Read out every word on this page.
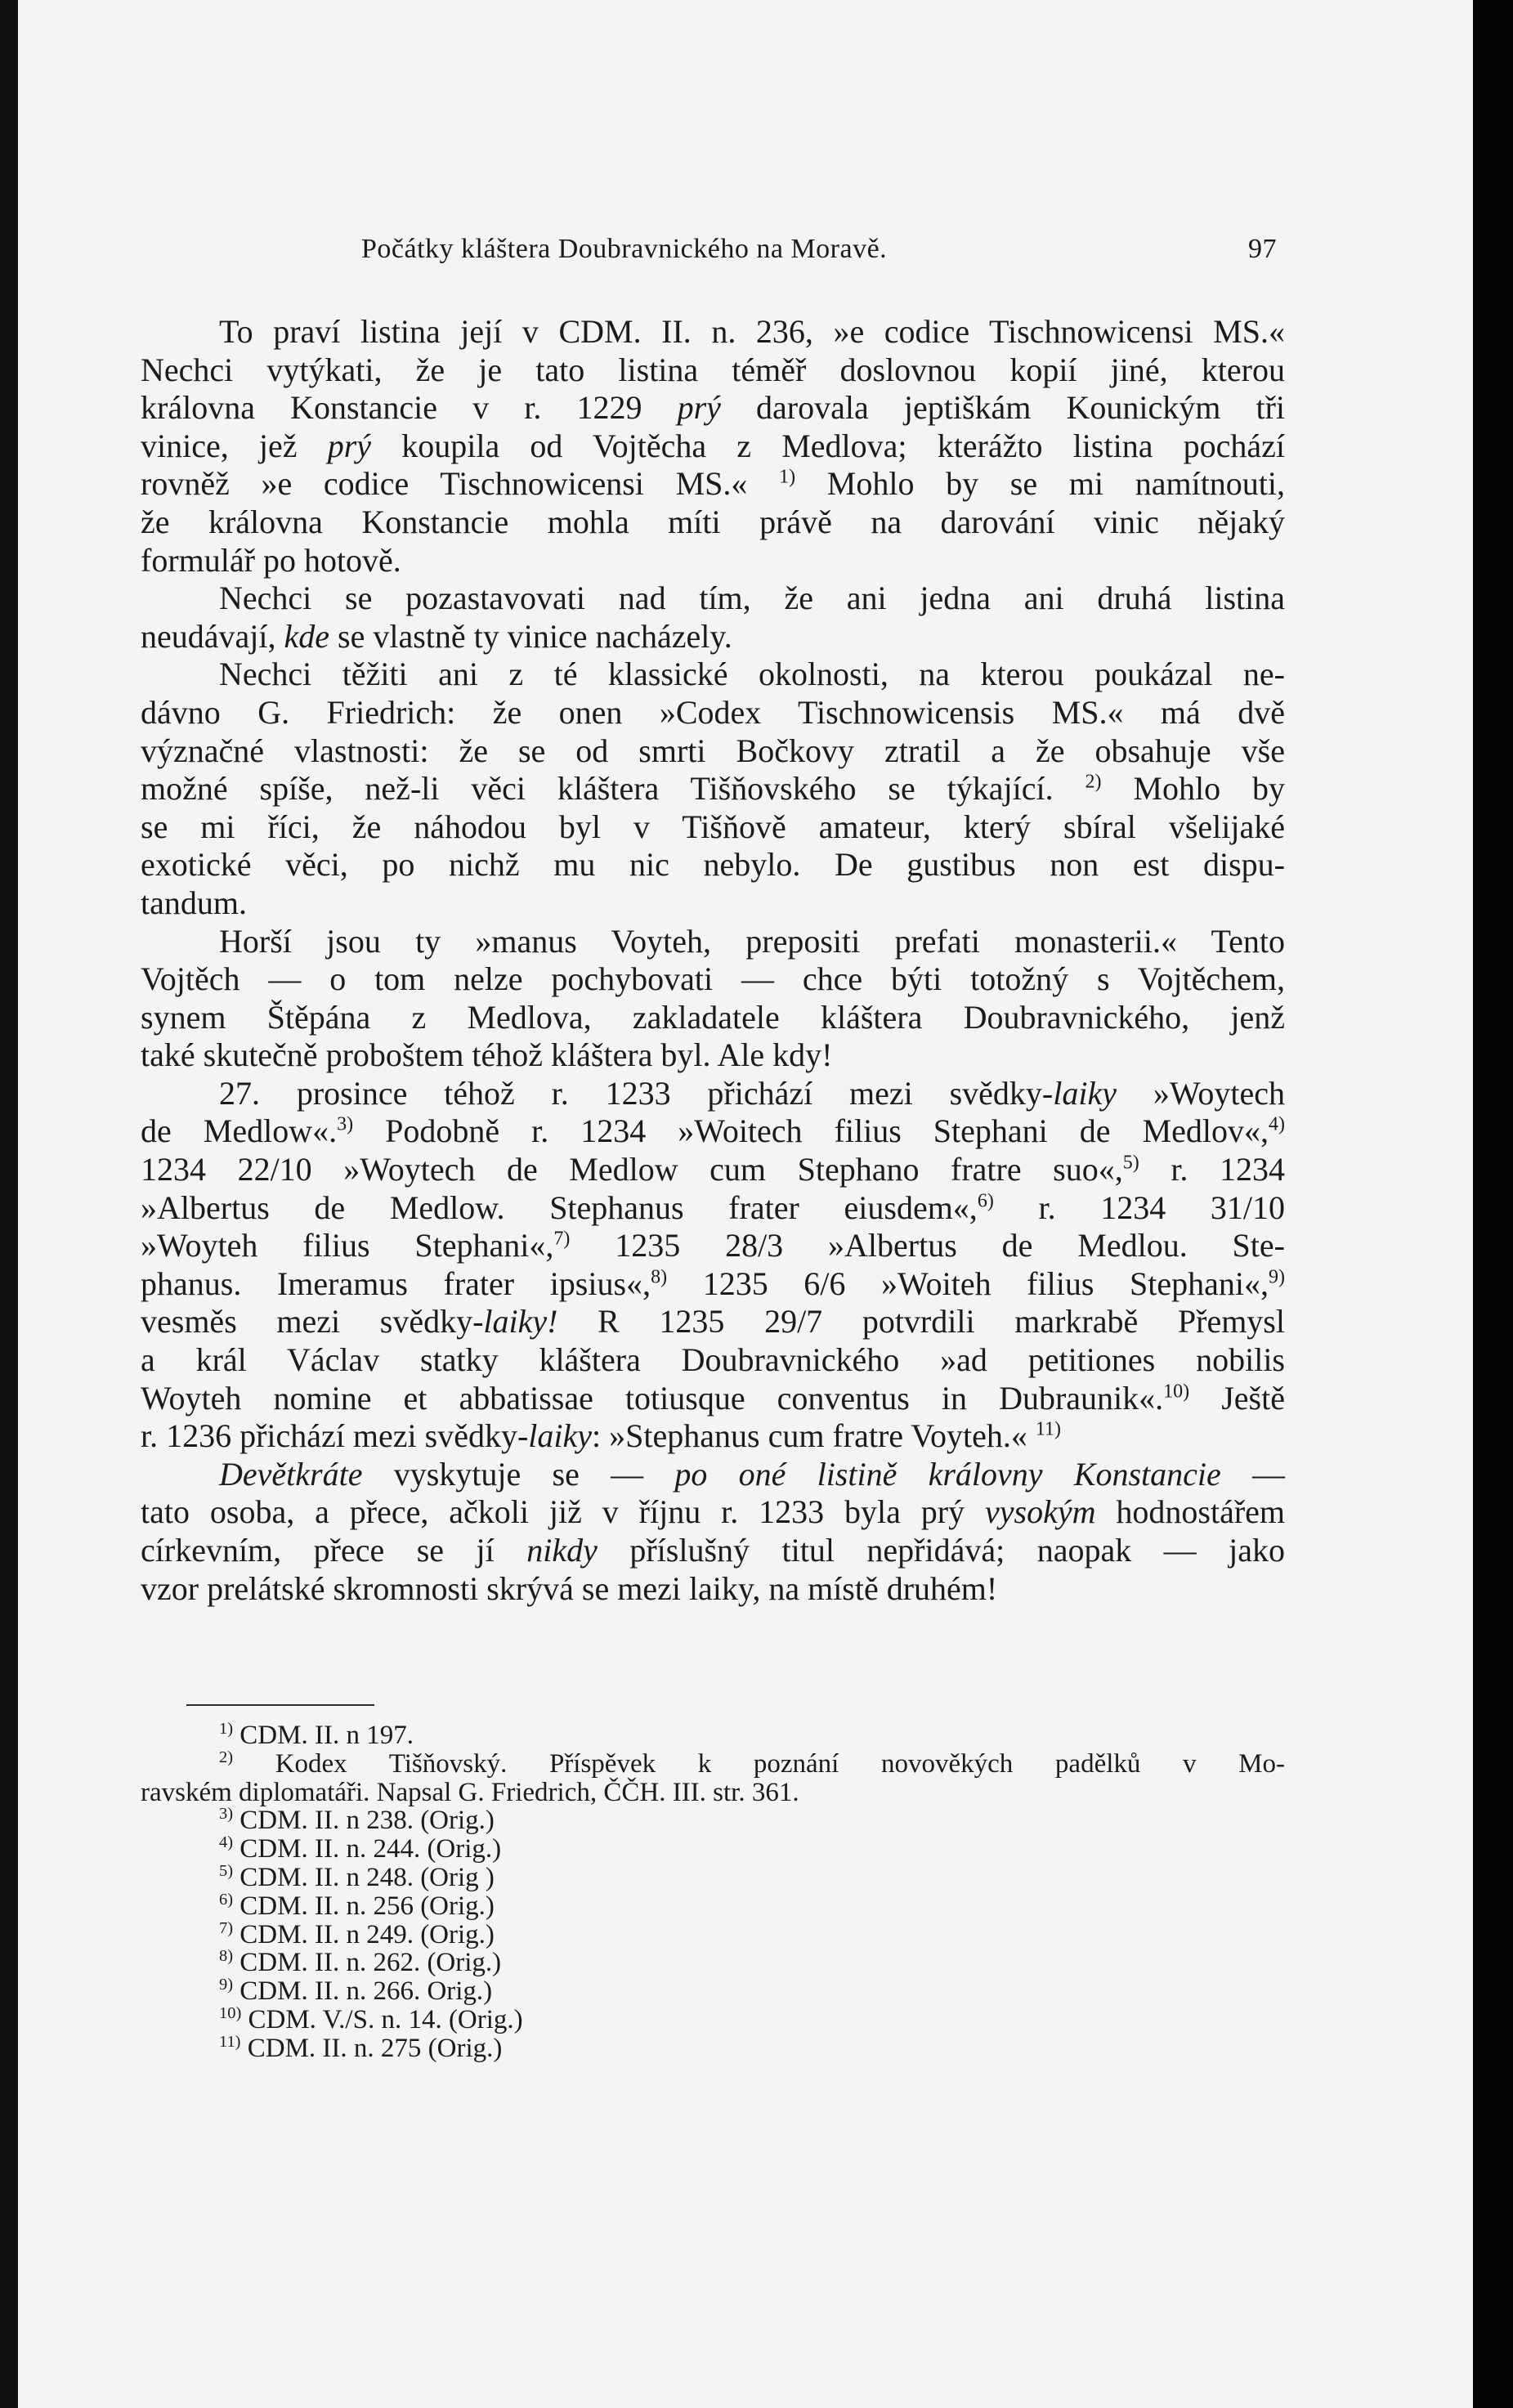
Počátky kláštera Doubravnického na Moravě.	97
To praví listina její v CDM. II. n. 236, »e codice Tischnowicensi MS.«
Nechci vytýkati, že je tato listina téměř doslovnou kopií jiné, kterou
královna Konstancie v r. 1229 prý darovala jeptiškám Kounickým tři
vinice, jež prý koupila od Vojtěcha z Medlova; kterážto listina pochází
rovněž »e codice Tischnowicensi MS.« $^{1)}$ Mohlo by se mi namítnouti,
že královna Konstancie mohla míti právě na darování vinic nějaký
formulář po hotově.
Nechci se pozastavovati nad tím, že ani jedna ani druhá listina
neudávají, kde se vlastně ty vinice nacházely.
Nechci těžiti ani z té klassické okolnosti, na kterou poukázal ne-
dávno G. Friedrich: že onen »Codex Tischnowicensis MS.« má dvě
význačné vlastnosti: že se od smrti Bočkovy ztratil a že obsahuje vše
možné spíše, než-li věci kláštera Tišňovského se týkající. $^{2)}$ Mohlo by
se mi říci, že náhodou byl v Tišňově amateur, který sbíral všelijaké
exotické věci, po nichž mu nic nebylo. De gustibus non est dispu-
tandum.
Horší jsou ty »manus Voyteh, prepositi prefati monasterii.« Tento
Vojtěch — o tom nelze pochybovati — chce býti totožný s Vojtěchem,
synem Štěpána z Medlova, zakladatele kláštera Doubravnického, jenž
také skutečně proboštem téhož kláštera byl. Ale kdy!
27. prosince téhož r. 1233 přichází mezi svědky-laiky »Woytech
de Medlow«.$^{3)}$ Podobně r. 1234 »Woitech filius Stephani de Medlov«,$^{4)}$
1234 22/10 »Woytech de Medlow cum Stephano fratre suo«,$^{5)}$ r. 1234
»Albertus de Medlow. Stephanus frater eiusdem«,$^{6)}$ r. 1234 31/10
»Woyteh filius Stephani«,$^{7)}$ 1235 28/3 »Albertus de Medlou. Ste-
phanus. Imeramus frater ipsius«,$^{8)}$ 1235 6/6 »Woiteh filius Stephani«,$^{9)}$
vesměs mezi svědky-laiky! R 1235 29/7 potvrdili markrabě Přemysl
a král Václav statky kláštera Doubravnického »ad petitiones nobilis
Woyteh nomine et abbatissae totiusque conventus in Dubraunik«.$^{10)}$ Ještě
r. 1236 přichází mezi svědky-laiky: »Stephanus cum fratre Voyteh.« $^{11)}$
Devětkráte vyskytuje se — po oné listině královny Konstancie —
tato osoba, a přece, ačkoli již v říjnu r. 1233 byla prý vysokým hodnostářem
církevním, přece se jí nikdy příslušný titul nepřidává; naopak — jako
vzor prelátské skromnosti skrývá se mezi laiky, na místě druhém!
$^{1)}$ CDM. II. n 197.
$^{2)}$ Kodex Tišňovský. Příspěvek k poznání novověkých padělků v Mo-
ravském diplomatáři. Napsal G. Friedrich, ČČH. III. str. 361.
$^{3)}$ CDM. II. n 238. (Orig.)
$^{4)}$ CDM. II. n. 244. (Orig.)
$^{5)}$ CDM. II. n 248. (Orig )
$^{6)}$ CDM. II. n. 256 (Orig.)
$^{7)}$ CDM. II. n 249. (Orig.)
$^{8)}$ CDM. II. n. 262. (Orig.)
$^{9)}$ CDM. II. n. 266. Orig.)
$^{10)}$ CDM. V./S. n. 14. (Orig.)
$^{11)}$ CDM. II. n. 275 (Orig.)
